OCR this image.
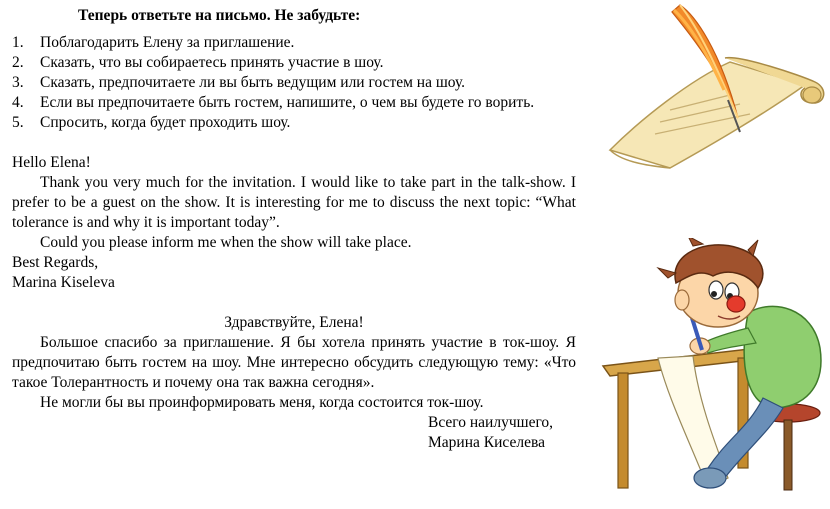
Теперь ответьте на письмо. Не забудьте:
1. Поблагодарить Елену за приглашение.
2. Сказать, что вы собираетесь принять участие в шоу.
3. Сказать, предпочитаете ли вы быть ведущим или гостем на шоу.
4. Если вы предпочитаете быть гостем, напишите, о чем вы будете го ворить.
5. Спросить, когда будет проходить шоу.
Hello Elena!
Thank you very much for the invitation. I would like to take part in the talk-show. I prefer to be a guest on the show. It is interesting for me to discuss the next topic: “What tolerance is and why it is important today”.
Could you please inform me when the show will take place.
Best Regards,
Marina Kiseleva
Здравствуйте, Елена!
Большое спасибо за приглашение. Я бы хотела принять участие в ток-шоу. Я предпочитаю быть гостем на шоу. Мне интересно обсудить следующую тему: «Что такое Толерантность и почему она так важна сегодня».
Не могли бы вы проинформировать меня, когда состоится ток-шоу.
Всего наилучшего,
Марина Киселева
